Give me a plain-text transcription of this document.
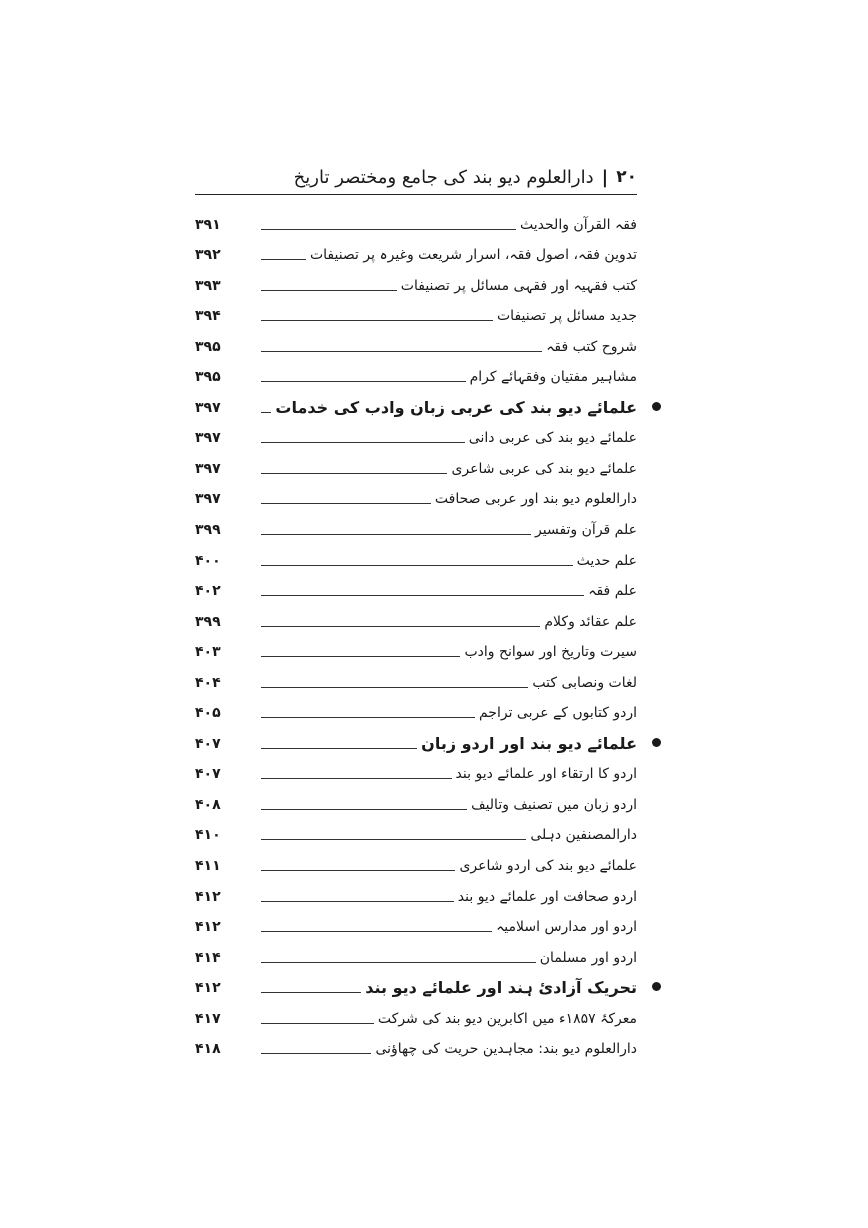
۲۰
|
دارالعلوم دیو بند کی جامع ومختصر تاریخ
فقہ القرآن والحدیث
۳۹۱
تدوین فقہ، اصول فقہ، اسرار شریعت وغیرہ پر تصنیفات
۳۹۲
کتب فقہیہ اور فقہی مسائل پر تصنیفات
۳۹۳
جدید مسائل پر تصنیفات
۳۹۴
شروح کتب فقہ
۳۹۵
مشاہیر مفتیان وفقہائے کرام
۳۹۵
علمائے دیو بند کی عربی زبان وادب کی خدمات
۳۹۷
علمائے دیو بند کی عربی دانی
۳۹۷
علمائے دیو بند کی عربی شاعری
۳۹۷
دارالعلوم دیو بند اور عربی صحافت
۳۹۷
علم قرآن وتفسیر
۳۹۹
علم حدیث
۴۰۰
علم فقہ
۴۰۲
علم عقائد وکلام
۳۹۹
سیرت وتاریخ اور سوانح وادب
۴۰۳
لغات ونصابی کتب
۴۰۴
اردو کتابوں کے عربی تراجم
۴۰۵
علمائے دیو بند اور اردو زبان
۴۰۷
اردو کا ارتقاء اور علمائے دیو بند
۴۰۷
اردو زبان میں تصنیف وتالیف
۴۰۸
دارالمصنفین دہلی
۴۱۰
علمائے دیو بند کی اردو شاعری
۴۱۱
اردو صحافت اور علمائے دیو بند
۴۱۲
اردو اور مدارس اسلامیہ
۴۱۲
اردو اور مسلمان
۴۱۴
تحریک آزادئ ہند اور علمائے دیو بند
۴۱۲
معرکۂ ۱۸۵۷ء میں اکابرین دیو بند کی شرکت
۴۱۷
دارالعلوم دیو بند: مجاہدین حریت کی چھاؤنی
۴۱۸
